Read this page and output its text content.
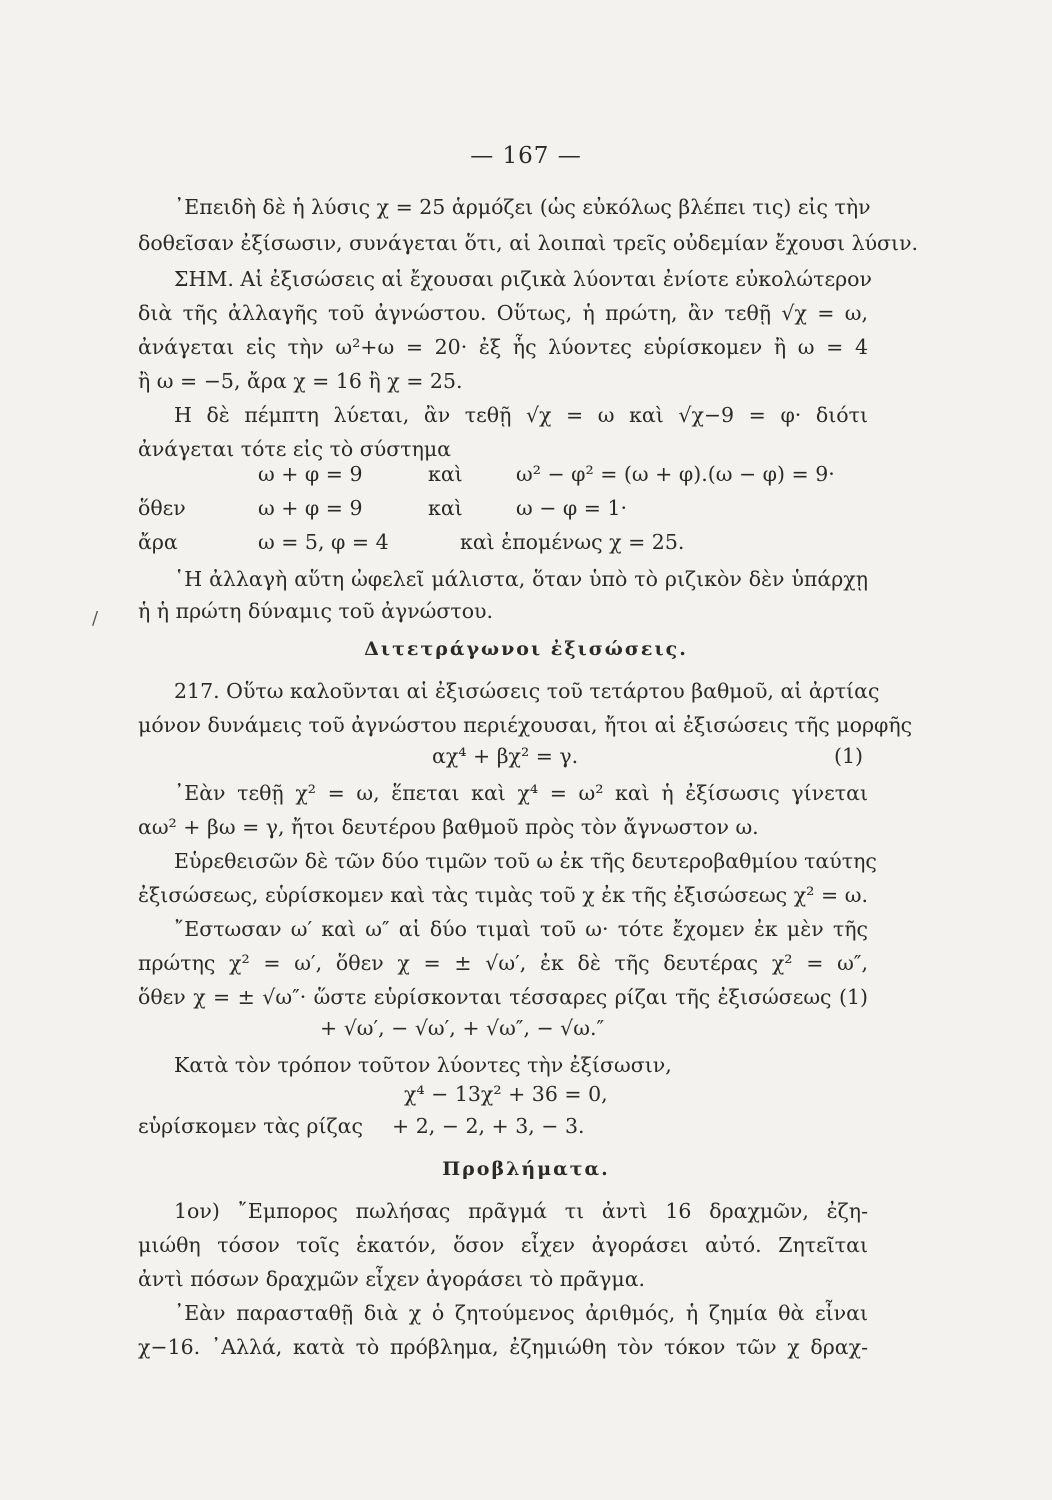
— 167 —
᾿Επειδὴ δὲ ἡ λύσις χ = 25 ἁρμόζει (ὡς εὐκόλως βλέπει τις) εἰς τὴν
δοθεῖσαν ἐξίσωσιν, συνάγεται ὅτι, αἱ λοιπαὶ τρεῖς οὐδεμίαν ἔχουσι λύσιν.
ΣΗΜ. Αἱ ἐξισώσεις αἱ ἔχουσαι ριζικὰ λύονται ἐνίοτε εὐκολώτερον
διὰ τῆς ἀλλαγῆς τοῦ ἀγνώστου. Οὕτως, ἡ πρώτη, ἂν τεθῇ √χ = ω,
ἀνάγεται εἰς τὴν ω²+ω = 20· ἐξ ἧς λύοντες εὑρίσκομεν ἢ ω = 4
ἢ ω = −5, ἄρα χ = 16 ἢ χ = 25.
Η δὲ πέμπτη λύεται, ἂν τεθῇ √χ = ω καὶ √χ−9 = φ· διότι
ἀνάγεται τότε εἰς τὸ σύστημα
ω + φ = 9	καὶ	ω² − φ² = (ω + φ).(ω − φ) = 9·
ὅθεν	ω + φ = 9	καὶ	ω − φ = 1·
ἄρα	ω = 5, φ = 4	καὶ ἑπομένως χ = 25.
῾Η ἀλλαγὴ αὕτη ὠφελεῖ μάλιστα, ὅταν ὑπὸ τὸ ριζικὸν δὲν ὑπάρχῃ
ἡ ἡ πρώτη δύναμις τοῦ ἀγνώστου.
/
Διτετράγωνοι ἐξισώσεις.
217. Οὕτω καλοῦνται αἱ ἐξισώσεις τοῦ τετάρτου βαθμοῦ, αἱ ἀρτίας
μόνον δυνάμεις τοῦ ἀγνώστου περιέχουσαι, ἤτοι αἱ ἐξισώσεις τῆς μορφῆς
αχ⁴ + βχ² = γ.	(1)
᾿Εὰν τεθῇ χ² = ω, ἕπεται καὶ χ⁴ = ω² καὶ ἡ ἐξίσωσις γίνεται
αω² + βω = γ, ἤτοι δευτέρου βαθμοῦ πρὸς τὸν ἄγνωστον ω.
Εὑρεθεισῶν δὲ τῶν δύο τιμῶν τοῦ ω ἐκ τῆς δευτεροβαθμίου ταύτης
ἐξισώσεως, εὑρίσκομεν καὶ τὰς τιμὰς τοῦ χ ἐκ τῆς ἐξισώσεως χ² = ω.
῎Εστωσαν ω′ καὶ ω″ αἱ δύο τιμαὶ τοῦ ω· τότε ἔχομεν ἐκ μὲν τῆς
πρώτης χ² = ω′, ὅθεν χ = ± √ω′, ἐκ δὲ τῆς δευτέρας χ² = ω″,
ὅθεν χ = ± √ω″· ὥστε εὑρίσκονται τέσσαρες ρίζαι τῆς ἐξισώσεως (1)
+ √ω′, − √ω′, + √ω″, − √ω.″
Κατὰ τὸν τρόπον τοῦτον λύοντες τὴν ἐξίσωσιν,
χ⁴ − 13χ² + 36 = 0,
εὑρίσκομεν τὰς ρίζας + 2, − 2, + 3, − 3.
Προβλήματα.
1ον) ῎Εμπορος πωλήσας πρᾶγμά τι ἀντὶ 16 δραχμῶν, ἐζη-
μιώθη τόσον τοῖς ἑκατόν, ὅσον εἶχεν ἀγοράσει αὐτό. Ζητεῖται
ἀντὶ πόσων δραχμῶν εἶχεν ἀγοράσει τὸ πρᾶγμα.
᾿Εὰν παρασταθῇ διὰ χ ὁ ζητούμενος ἀριθμός, ἡ ζημία θὰ εἶναι
χ−16. ᾿Αλλά, κατὰ τὸ πρόβλημα, ἐζημιώθη τὸν τόκον τῶν χ δραχ-
